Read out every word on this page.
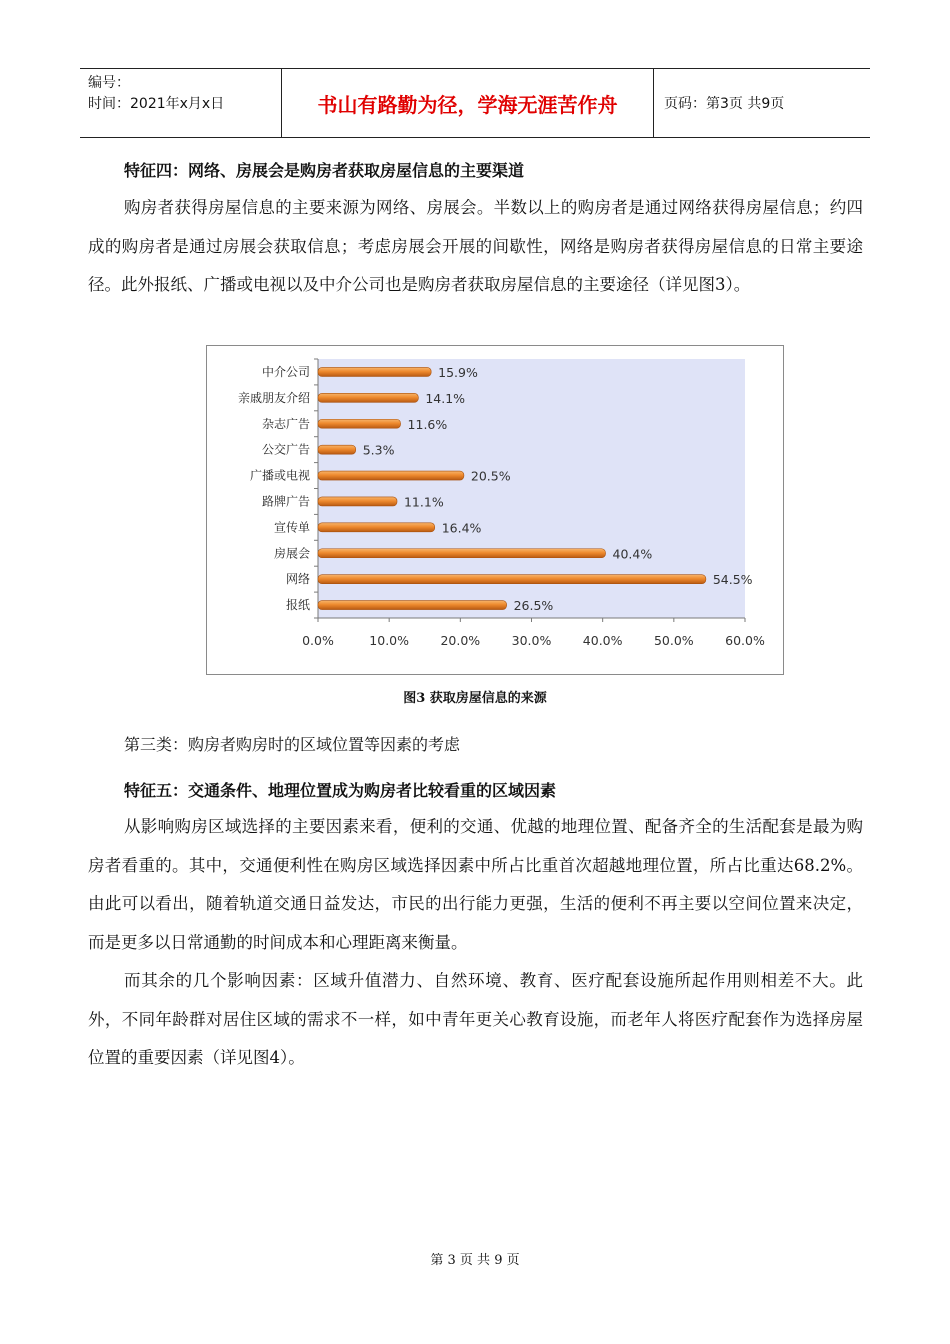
编号：
时间：2021年x月x日	书山有路勤为径，学海无涯苦作舟	页码：第3页 共9页
特征四：网络、房展会是购房者获取房屋信息的主要渠道
购房者获得房屋信息的主要来源为网络、房展会。半数以上的购房者是通过网络获得房屋信息；约四成的购房者是通过房展会获取信息；考虑房展会开展的间歇性，网络是购房者获得房屋信息的日常主要途径。此外报纸、广播或电视以及中介公司也是购房者获取房屋信息的主要途径（详见图3）。
中介公司	15.9%
亲戚朋友介绍	14.1%
杂志广告	11.6%
公交广告	5.3%
广播或电视	20.5%
路牌广告	11.1%
宣传单	16.4%
房展会	40.4%
网络	54.5%
报纸	26.5%
0.0%	10.0%	20.0%	30.0%	40.0%	50.0%	60.0%
图3 获取房屋信息的来源
第三类：购房者购房时的区域位置等因素的考虑
特征五：交通条件、地理位置成为购房者比较看重的区域因素
从影响购房区域选择的主要因素来看，便利的交通、优越的地理位置、配备齐全的生活配套是最为购房者看重的。其中，交通便利性在购房区域选择因素中所占比重首次超越地理位置，所占比重达68.2%。由此可以看出，随着轨道交通日益发达，市民的出行能力更强，生活的便利不再主要以空间位置来决定，而是更多以日常通勤的时间成本和心理距离来衡量。
而其余的几个影响因素：区域升值潜力、自然环境、教育、医疗配套设施所起作用则相差不大。此外，不同年龄群对居住区域的需求不一样，如中青年更关心教育设施，而老年人将医疗配套作为选择房屋位置的重要因素（详见图4）。
第 3 页 共 9 页
